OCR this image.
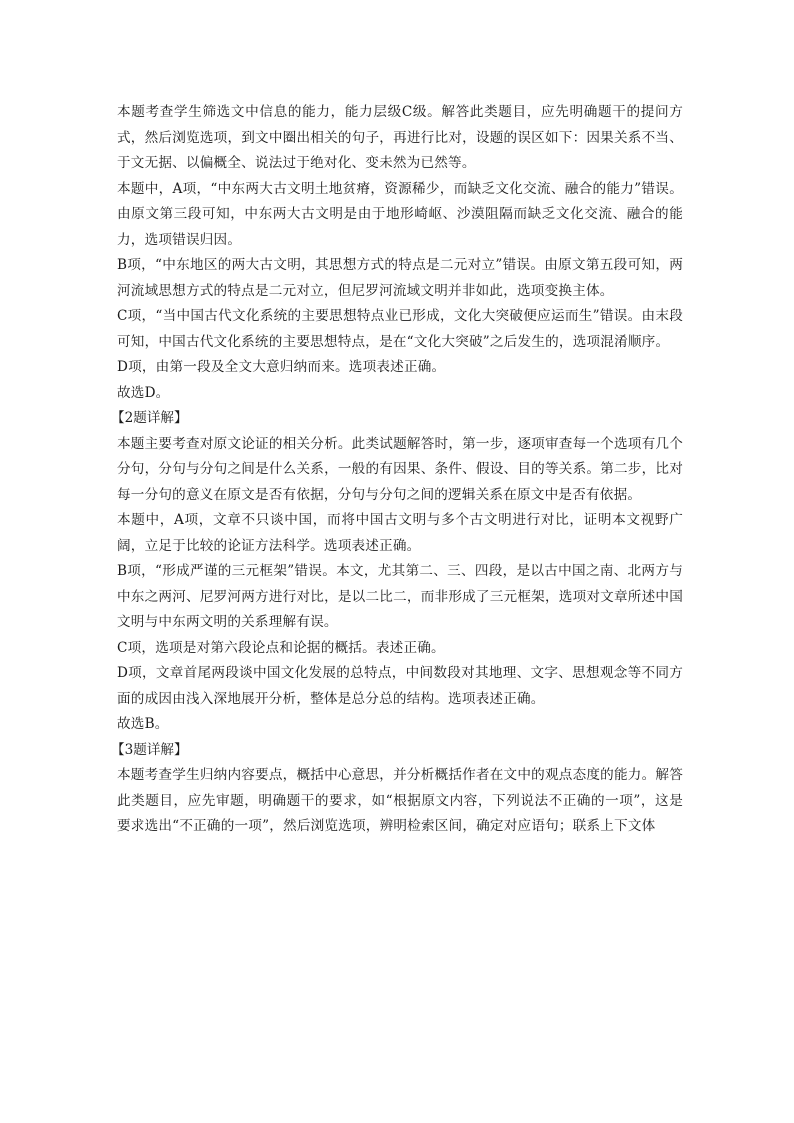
本题考查学生筛选文中信息的能力，能力层级C级。解答此类题目，应先明确题干的提问方式，然后浏览选项，到文中圈出相关的句子，再进行比对，设题的误区如下：因果关系不当、于文无据、以偏概全、说法过于绝对化、变未然为已然等。

本题中，A项，“中东两大古文明土地贫瘠，资源稀少，而缺乏文化交流、融合的能力”错误。由原文第三段可知，中东两大古文明是由于地形崎岖、沙漠阻隔而缺乏文化交流、融合的能力，选项错误归因。

B项，“中东地区的两大古文明，其思想方式的特点是二元对立”错误。由原文第五段可知，两河流域思想方式的特点是二元对立，但尼罗河流域文明并非如此，选项变换主体。

C项，“当中国古代文化系统的主要思想特点业已形成，文化大突破便应运而生”错误。由末段可知，中国古代文化系统的主要思想特点，是在“文化大突破”之后发生的，选项混淆顺序。

D项，由第一段及全文大意归纳而来。选项表述正确。

故选D。

【2题详解】

本题主要考查对原文论证的相关分析。此类试题解答时，第一步，逐项审查每一个选项有几个分句，分句与分句之间是什么关系，一般的有因果、条件、假设、目的等关系。第二步，比对每一分句的意义在原文是否有依据，分句与分句之间的逻辑关系在原文中是否有依据。

本题中，A项，文章不只谈中国，而将中国古文明与多个古文明进行对比，证明本文视野广阔，立足于比较的论证方法科学。选项表述正确。

B项，“形成严谨的三元框架”错误。本文，尤其第二、三、四段，是以古中国之南、北两方与中东之两河、尼罗河两方进行对比，是以二比二，而非形成了三元框架，选项对文章所述中国文明与中东两文明的关系理解有误。

C项，选项是对第六段论点和论据的概括。表述正确。

D项，文章首尾两段谈中国文化发展的总特点，中间数段对其地理、文字、思想观念等不同方面的成因由浅入深地展开分析，整体是总分总的结构。选项表述正确。

故选B。

【3题详解】

本题考查学生归纳内容要点，概括中心意思，并分析概括作者在文中的观点态度的能力。解答此类题目，应先审题，明确题干的要求，如“根据原文内容，下列说法不正确的一项”，这是要求选出“不正确的一项”，然后浏览选项，辨明检索区间，确定对应语句；联系上下文体
